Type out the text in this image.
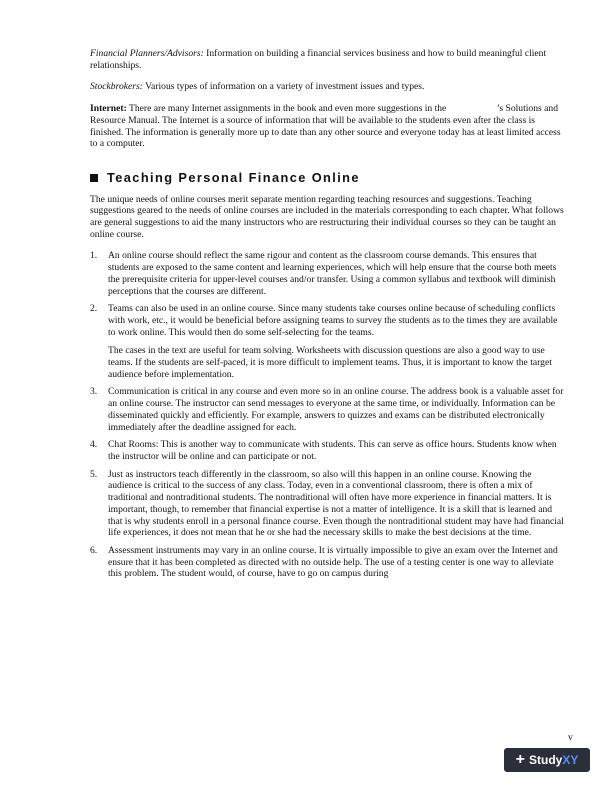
Financial Planners/Advisors: Information on building a financial services business and how to build meaningful client relationships.

Stockbrokers: Various types of information on a variety of investment issues and types.

Internet: There are many Internet assignments in the book and even more suggestions in the	’s Solutions and Resource Manual. The Internet is a source of information that will be available to the students even after the class is finished. The information is generally more up to date than any other source and everyone today has at least limited access to a computer.

Teaching Personal Finance Online

The unique needs of online courses merit separate mention regarding teaching resources and suggestions. Teaching suggestions geared to the needs of online courses are included in the materials corresponding to each chapter. What follows are general suggestions to aid the many instructors who are restructuring their individual courses so they can be taught an online course.

1. An online course should reflect the same rigour and content as the classroom course demands. This ensures that students are exposed to the same content and learning experiences, which will help ensure that the course both meets the prerequisite criteria for upper-level courses and/or transfer. Using a common syllabus and textbook will diminish perceptions that the courses are different.

2. Teams can also be used in an online course. Since many students take courses online because of scheduling conflicts with work, etc., it would be beneficial before assigning teams to survey the students as to the times they are available to work online. This would then do some self-selecting for the teams.

The cases in the text are useful for team solving. Worksheets with discussion questions are also a good way to use teams. If the students are self-paced, it is more difficult to implement teams. Thus, it is important to know the target audience before implementation.

3. Communication is critical in any course and even more so in an online course. The address book is a valuable asset for an online course. The instructor can send messages to everyone at the same time, or individually. Information can be disseminated quickly and efficiently. For example, answers to quizzes and exams can be distributed electronically immediately after the deadline assigned for each.

4. Chat Rooms: This is another way to communicate with students. This can serve as office hours. Students know when the instructor will be online and can participate or not.

5. Just as instructors teach differently in the classroom, so also will this happen in an online course. Knowing the audience is critical to the success of any class. Today, even in a conventional classroom, there is often a mix of traditional and nontraditional students. The nontraditional will often have more experience in financial matters. It is important, though, to remember that financial expertise is not a matter of intelligence. It is a skill that is learned and that is why students enroll in a personal finance course. Even though the nontraditional student may have had financial life experiences, it does not mean that he or she had the necessary skills to make the best decisions at the time.

6. Assessment instruments may vary in an online course. It is virtually impossible to give an exam over the Internet and ensure that it has been completed as directed with no outside help. The use of a testing center is one way to alleviate this problem. The student would, of course, have to go on campus during

v
+ Study XY
